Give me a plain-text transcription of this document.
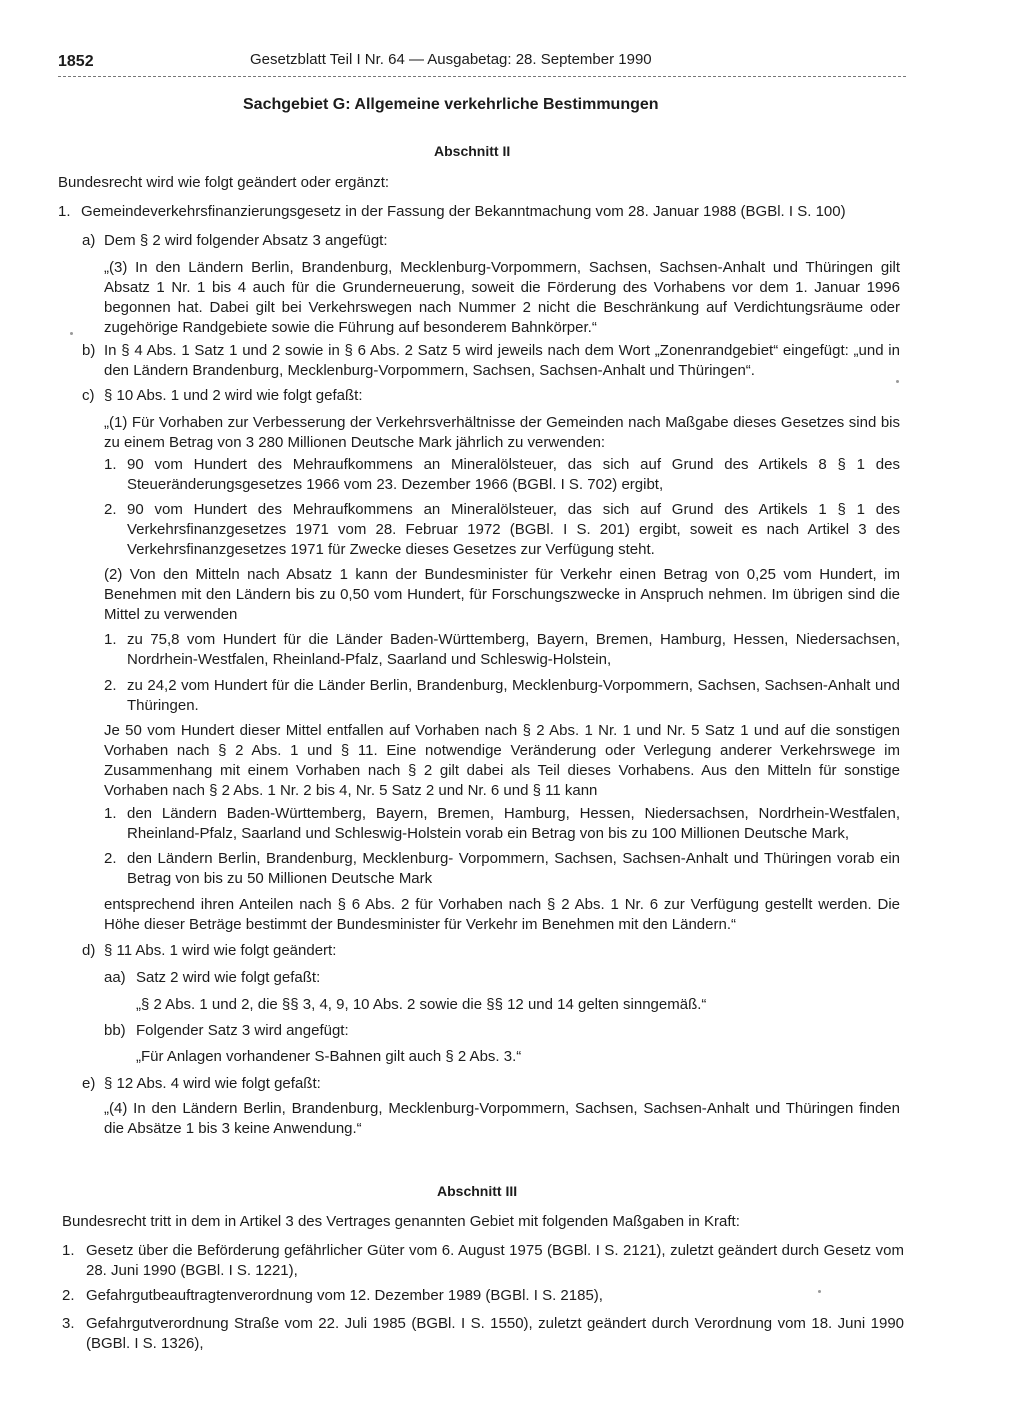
1852	Gesetzblatt Teil I Nr. 64 — Ausgabetag: 28. September 1990
Sachgebiet G: Allgemeine verkehrliche Bestimmungen
Abschnitt II
Bundesrecht wird wie folgt geändert oder ergänzt:
1. Gemeindeverkehrsfinanzierungsgesetz in der Fassung der Bekanntmachung vom 28. Januar 1988 (BGBl. I S. 100)
a) Dem § 2 wird folgender Absatz 3 angefügt:

„(3) In den Ländern Berlin, Brandenburg, Mecklenburg-Vorpommern, Sachsen, Sachsen-Anhalt und Thüringen gilt Absatz 1 Nr. 1 bis 4 auch für die Grunderneuerung, soweit die Förderung des Vorhabens vor dem 1. Januar 1996 begonnen hat. Dabei gilt bei Verkehrswegen nach Nummer 2 nicht die Beschränkung auf Verdichtungsräume oder zugehörige Randgebiete sowie die Führung auf besonderem Bahnkörper.“

b) In § 4 Abs. 1 Satz 1 und 2 sowie in § 6 Abs. 2 Satz 5 wird jeweils nach dem Wort „Zonenrandgebiet“ eingefügt: „und in den Ländern Brandenburg, Mecklenburg-Vorpommern, Sachsen, Sachsen-Anhalt und Thüringen“.

c) § 10 Abs. 1 und 2 wird wie folgt gefaßt:

„(1) Für Vorhaben zur Verbesserung der Verkehrsverhältnisse der Gemeinden nach Maßgabe dieses Gesetzes sind bis zu einem Betrag von 3 280 Millionen Deutsche Mark jährlich zu verwenden:

1. 90 vom Hundert des Mehraufkommens an Mineralölsteuer, das sich auf Grund des Artikels 8 § 1 des Steueränderungsgesetzes 1966 vom 23. Dezember 1966 (BGBl. I S. 702) ergibt,

2. 90 vom Hundert des Mehraufkommens an Mineralölsteuer, das sich auf Grund des Artikels 1 § 1 des Verkehrsfinanzgesetzes 1971 vom 28. Februar 1972 (BGBl. I S. 201) ergibt, soweit es nach Artikel 3 des Verkehrsfinanzgesetzes 1971 für Zwecke dieses Gesetzes zur Verfügung steht.

(2) Von den Mitteln nach Absatz 1 kann der Bundesminister für Verkehr einen Betrag von 0,25 vom Hundert, im Benehmen mit den Ländern bis zu 0,50 vom Hundert, für Forschungszwecke in Anspruch nehmen. Im übrigen sind die Mittel zu verwenden

1. zu 75,8 vom Hundert für die Länder Baden-Württemberg, Bayern, Bremen, Hamburg, Hessen, Niedersachsen, Nordrhein-Westfalen, Rheinland-Pfalz, Saarland und Schleswig-Holstein,

2. zu 24,2 vom Hundert für die Länder Berlin, Brandenburg, Mecklenburg-Vorpommern, Sachsen, Sachsen-Anhalt und Thüringen.

Je 50 vom Hundert dieser Mittel entfallen auf Vorhaben nach § 2 Abs. 1 Nr. 1 und Nr. 5 Satz 1 und auf die sonstigen Vorhaben nach § 2 Abs. 1 und § 11. Eine notwendige Veränderung oder Verlegung anderer Verkehrswege im Zusammenhang mit einem Vorhaben nach § 2 gilt dabei als Teil dieses Vorhabens. Aus den Mitteln für sonstige Vorhaben nach § 2 Abs. 1 Nr. 2 bis 4, Nr. 5 Satz 2 und Nr. 6 und § 11 kann

1. den Ländern Baden-Württemberg, Bayern, Bremen, Hamburg, Hessen, Niedersachsen, Nordrhein-Westfalen, Rheinland-Pfalz, Saarland und Schleswig-Holstein vorab ein Betrag von bis zu 100 Millionen Deutsche Mark,

2. den Ländern Berlin, Brandenburg, Mecklenburg- Vorpommern, Sachsen, Sachsen-Anhalt und Thüringen vorab ein Betrag von bis zu 50 Millionen Deutsche Mark

entsprechend ihren Anteilen nach § 6 Abs. 2 für Vorhaben nach § 2 Abs. 1 Nr. 6 zur Verfügung gestellt werden. Die Höhe dieser Beträge bestimmt der Bundesminister für Verkehr im Benehmen mit den Ländern.“

d) § 11 Abs. 1 wird wie folgt geändert:
aa) Satz 2 wird wie folgt gefaßt:
„§ 2 Abs. 1 und 2, die §§ 3, 4, 9, 10 Abs. 2 sowie die §§ 12 und 14 gelten sinngemäß.“
bb) Folgender Satz 3 wird angefügt:
„Für Anlagen vorhandener S-Bahnen gilt auch § 2 Abs. 3.“
e) § 12 Abs. 4 wird wie folgt gefaßt:

„(4) In den Ländern Berlin, Brandenburg, Mecklenburg-Vorpommern, Sachsen, Sachsen-Anhalt und Thüringen finden die Absätze 1 bis 3 keine Anwendung.“

Abschnitt III
Bundesrecht tritt in dem in Artikel 3 des Vertrages genannten Gebiet mit folgenden Maßgaben in Kraft:
1. Gesetz über die Beförderung gefährlicher Güter vom 6. August 1975 (BGBl. I S. 2121), zuletzt geändert durch Gesetz vom 28. Juni 1990 (BGBl. I S. 1221),

2. Gefahrgutbeauftragtenverordnung vom 12. Dezember 1989 (BGBl. I S. 2185),
3. Gefahrgutverordnung Straße vom 22. Juli 1985 (BGBl. I S. 1550), zuletzt geändert durch Verordnung vom 18. Juni 1990 (BGBl. I S. 1326),
